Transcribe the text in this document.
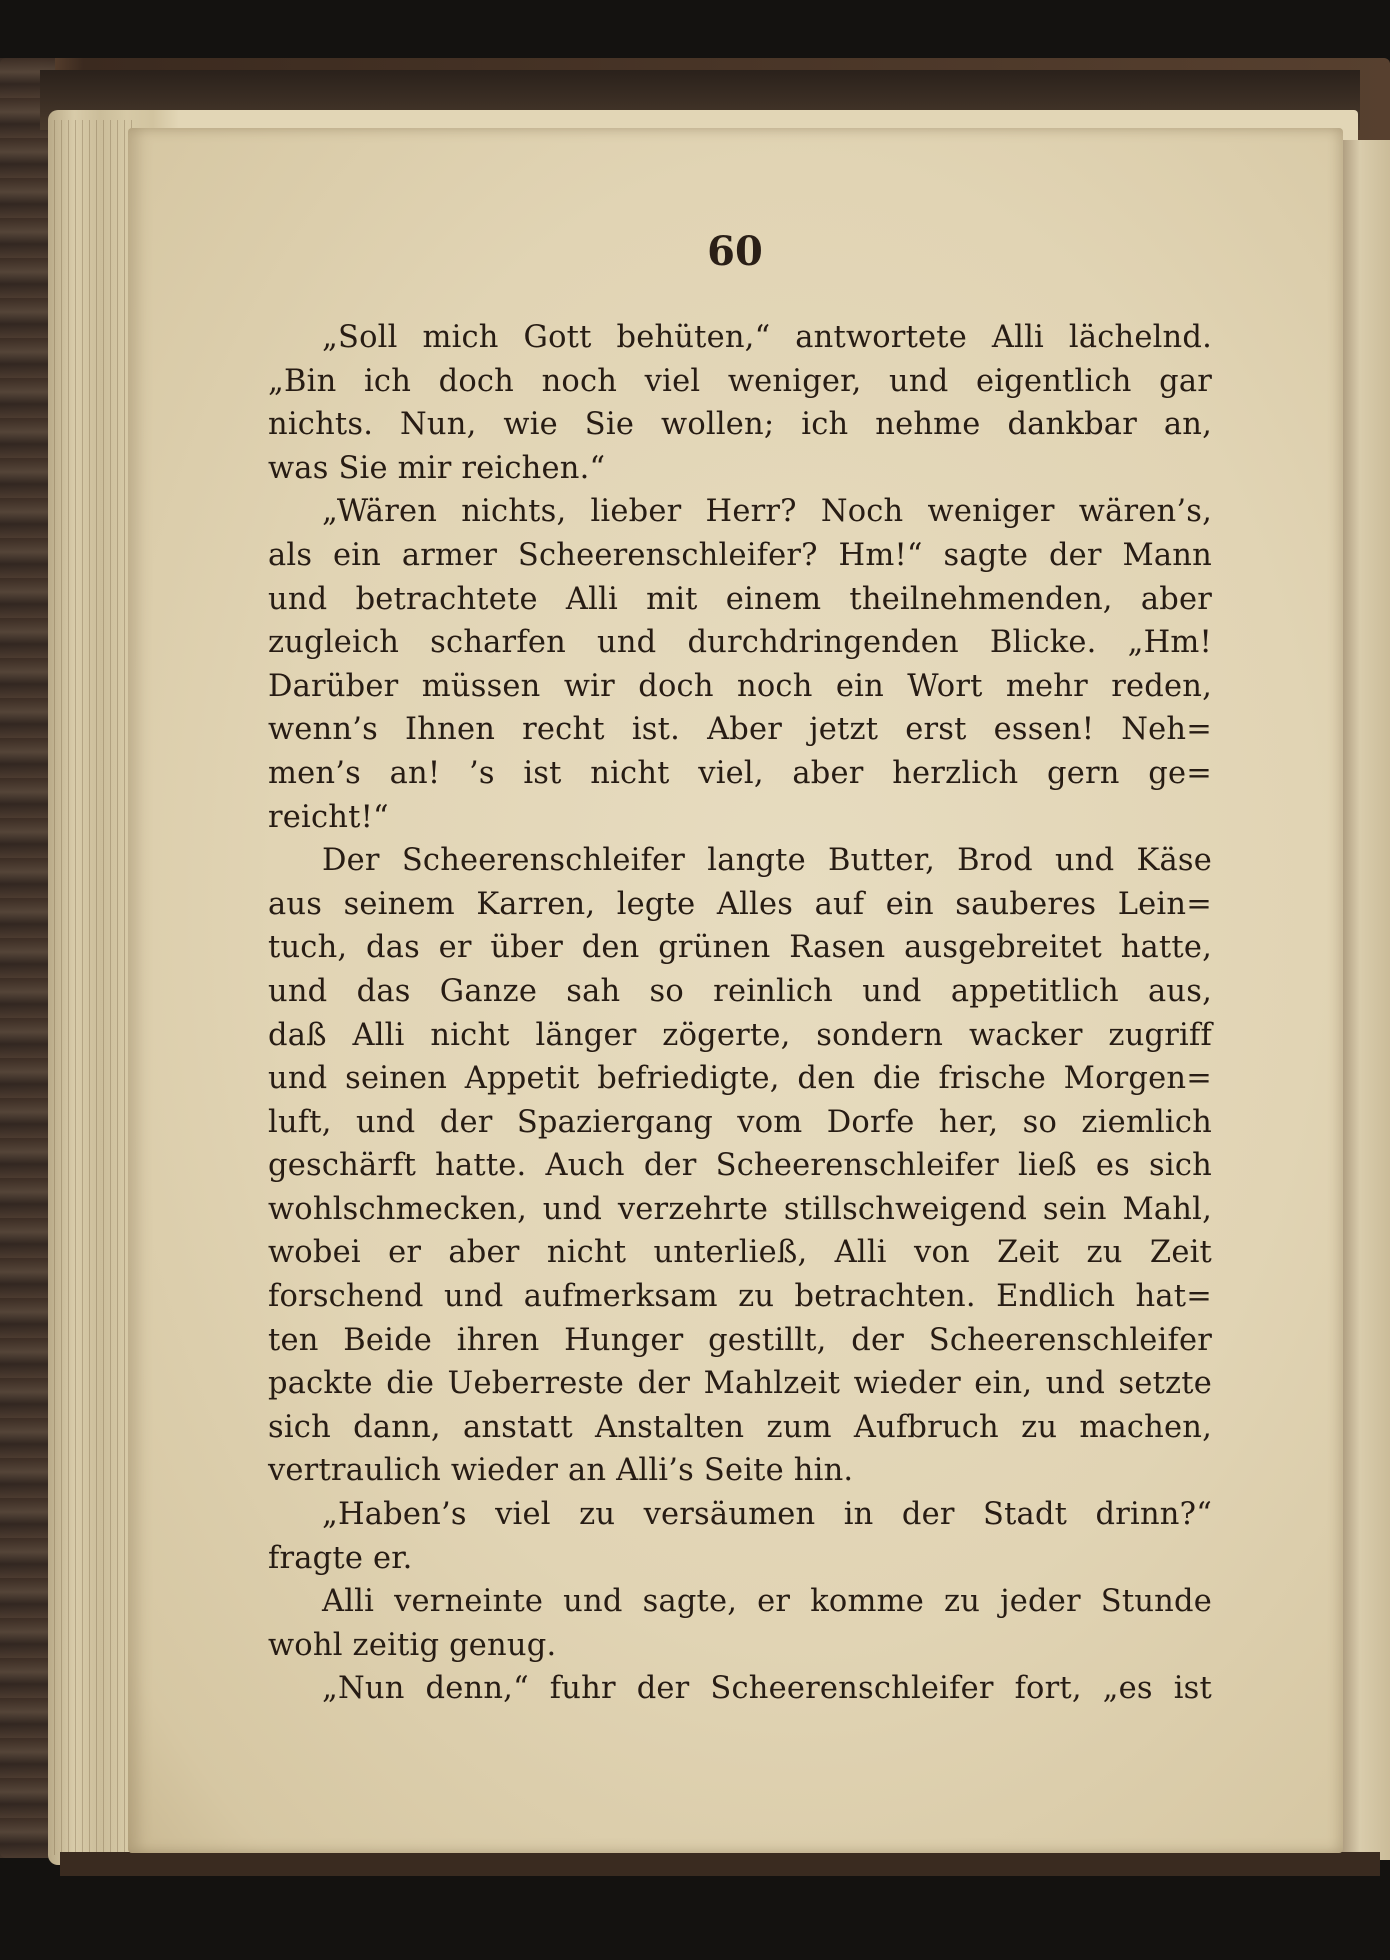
60
„Soll mich Gott behüten,“ antwortete Alli lächelnd.
„Bin ich doch noch viel weniger, und eigentlich gar
nichts. Nun, wie Sie wollen; ich nehme dankbar an,
was Sie mir reichen.“
„Wären nichts, lieber Herr? Noch weniger wären’s,
als ein armer Scheerenschleifer? Hm!“ sagte der Mann
und betrachtete Alli mit einem theilnehmenden, aber
zugleich scharfen und durchdringenden Blicke. „Hm!
Darüber müssen wir doch noch ein Wort mehr reden,
wenn’s Ihnen recht ist. Aber jetzt erst essen! Neh=
men’s an! ’s ist nicht viel, aber herzlich gern ge=
reicht!“
Der Scheerenschleifer langte Butter, Brod und Käse
aus seinem Karren, legte Alles auf ein sauberes Lein=
tuch, das er über den grünen Rasen ausgebreitet hatte,
und das Ganze sah so reinlich und appetitlich aus,
daß Alli nicht länger zögerte, sondern wacker zugriff
und seinen Appetit befriedigte, den die frische Morgen=
luft, und der Spaziergang vom Dorfe her, so ziemlich
geschärft hatte. Auch der Scheerenschleifer ließ es sich
wohlschmecken, und verzehrte stillschweigend sein Mahl,
wobei er aber nicht unterließ, Alli von Zeit zu Zeit
forschend und aufmerksam zu betrachten. Endlich hat=
ten Beide ihren Hunger gestillt, der Scheerenschleifer
packte die Ueberreste der Mahlzeit wieder ein, und setzte
sich dann, anstatt Anstalten zum Aufbruch zu machen,
vertraulich wieder an Alli’s Seite hin.
„Haben’s viel zu versäumen in der Stadt drinn?“
fragte er.
Alli verneinte und sagte, er komme zu jeder Stunde
wohl zeitig genug.
„Nun denn,“ fuhr der Scheerenschleifer fort, „es ist
